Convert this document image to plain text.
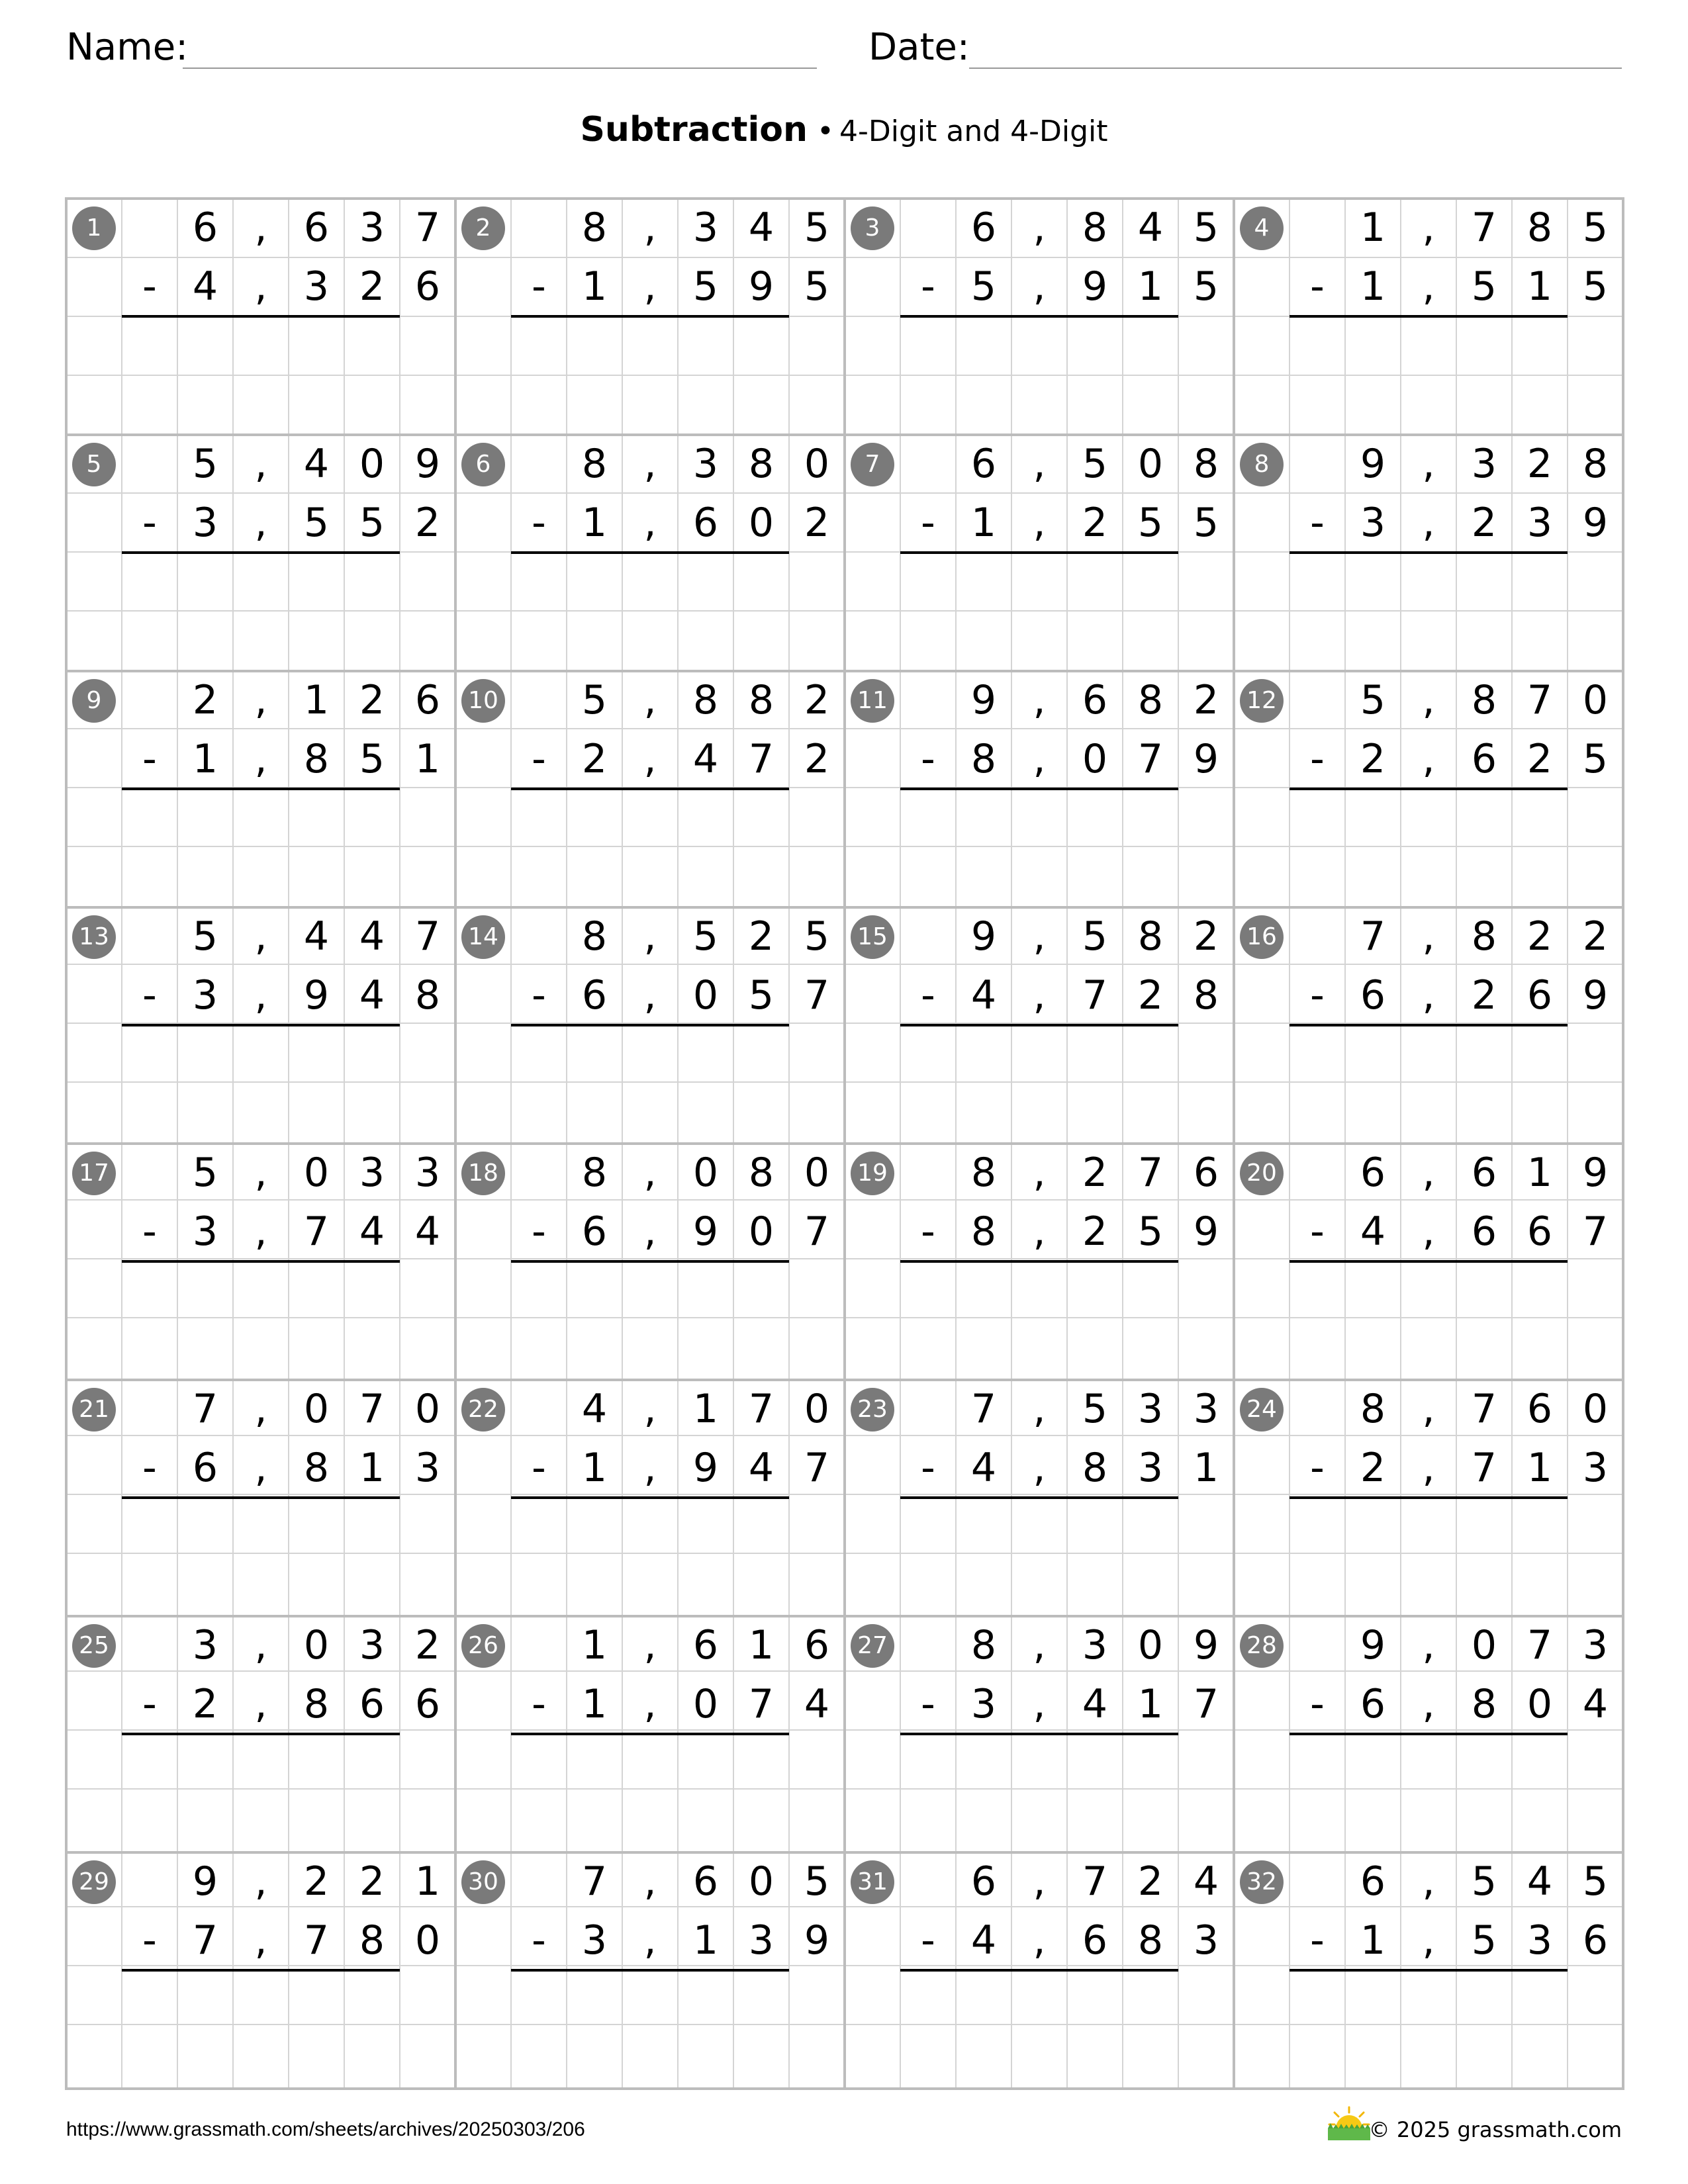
Name:	Date:
Subtraction • 4-Digit and 4-Digit
1	6 , 6 3 7
- 4 , 3 2 6
2	8 , 3 4 5
- 1 , 5 9 5
3	6 , 8 4 5
- 5 , 9 1 5
4	1 , 7 8 5
- 1 , 5 1 5
5	5 , 4 0 9
- 3 , 5 5 2
6	8 , 3 8 0
- 1 , 6 0 2
7	6 , 5 0 8
- 1 , 2 5 5
8	9 , 3 2 8
- 3 , 2 3 9
9	2 , 1 2 6
- 1 , 8 5 1
10	5 , 8 8 2
- 2 , 4 7 2
11	9 , 6 8 2
- 8 , 0 7 9
12	5 , 8 7 0
- 2 , 6 2 5
13	5 , 4 4 7
- 3 , 9 4 8
14	8 , 5 2 5
- 6 , 0 5 7
15	9 , 5 8 2
- 4 , 7 2 8
16	7 , 8 2 2
- 6 , 2 6 9
17	5 , 0 3 3
- 3 , 7 4 4
18	8 , 0 8 0
- 6 , 9 0 7
19	8 , 2 7 6
- 8 , 2 5 9
20	6 , 6 1 9
- 4 , 6 6 7
21	7 , 0 7 0
- 6 , 8 1 3
22	4 , 1 7 0
- 1 , 9 4 7
23	7 , 5 3 3
- 4 , 8 3 1
24	8 , 7 6 0
- 2 , 7 1 3
25	3 , 0 3 2
- 2 , 8 6 6
26	1 , 6 1 6
- 1 , 0 7 4
27	8 , 3 0 9
- 3 , 4 1 7
28	9 , 0 7 3
- 6 , 8 0 4
29	9 , 2 2 1
- 7 , 7 8 0
30	7 , 6 0 5
- 3 , 1 3 9
31	6 , 7 2 4
- 4 , 6 8 3
32	6 , 5 4 5
- 1 , 5 3 6
https://www.grassmath.com/sheets/archives/20250303/206	© 2025 grassmath.com
